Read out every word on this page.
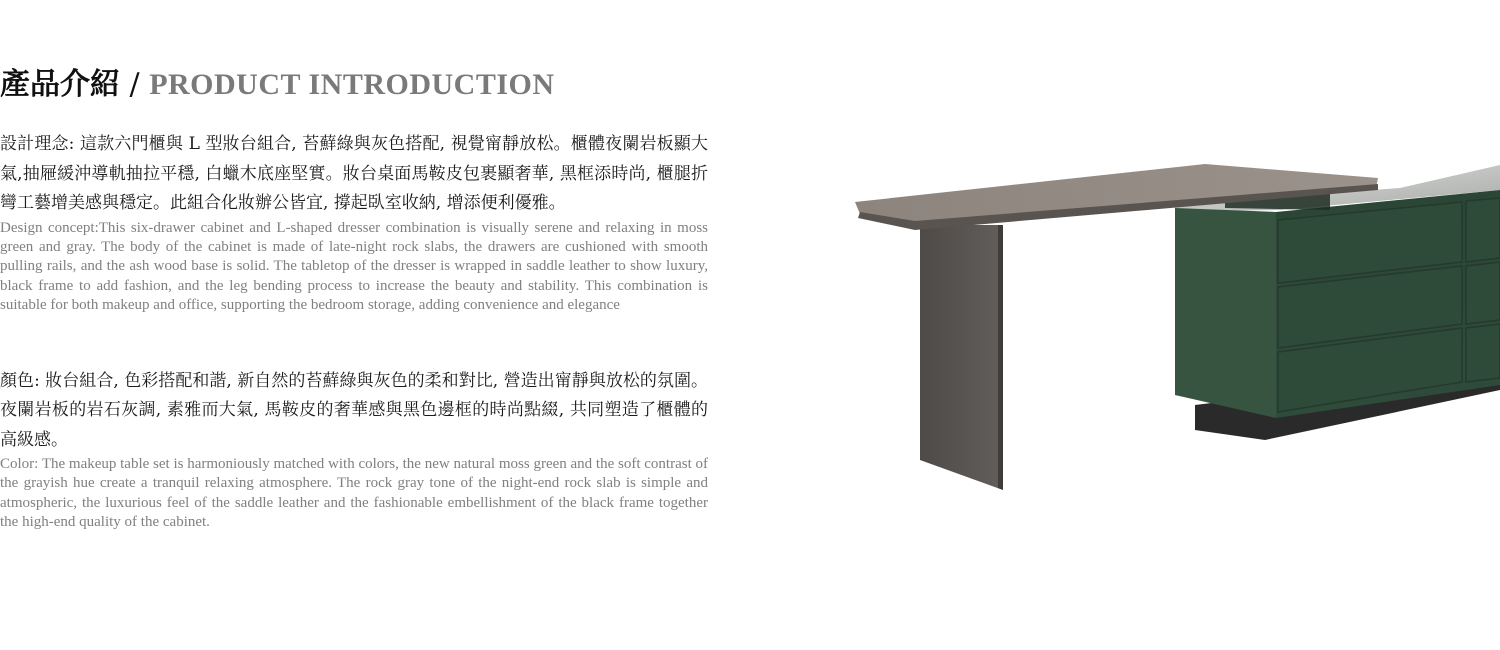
產品介紹 / PRODUCT INTRODUCTION

設計理念: 這款六門櫃與 L 型妝台組合, 苔蘚綠與灰色搭配, 視覺甯靜放松。櫃體夜闌岩板顯大氣,抽屜緩沖導軌抽拉平穩, 白蠟木底座堅實。妝台桌面馬鞍皮包裹顯奢華, 黑框添時尚, 櫃腿折彎工藝增美感與穩定。此組合化妝辦公皆宜, 撐起臥室收納, 增添便利優雅。

Design concept:This six-drawer cabinet and L-shaped dresser combination is visually serene and relaxing in moss green and gray. The body of the cabinet is made of late-night rock slabs, the drawers are cushioned with smooth pulling rails, and the ash wood base is solid. The tabletop of the dresser is wrapped in saddle leather to show luxury, black frame to add fashion, and the leg bending process to increase the beauty and stability. This combination is suitable for both makeup and office, supporting the bedroom storage, adding convenience and elegance

顏色: 妝台組合, 色彩搭配和諧, 新自然的苔蘚綠與灰色的柔和對比, 營造出甯靜與放松的氛圍。夜闌岩板的岩石灰調, 素雅而大氣, 馬鞍皮的奢華感與黑色邊框的時尚點綴, 共同塑造了櫃體的高級感。

Color: The makeup table set is harmoniously matched with colors, the new natural moss green and the soft contrast of the grayish hue create a tranquil relaxing atmosphere. The rock gray tone of the night-end rock slab is simple and atmospheric, the luxurious feel of the saddle leather and the fashionable embellishment of the black frame together the high-end quality of the cabinet.
